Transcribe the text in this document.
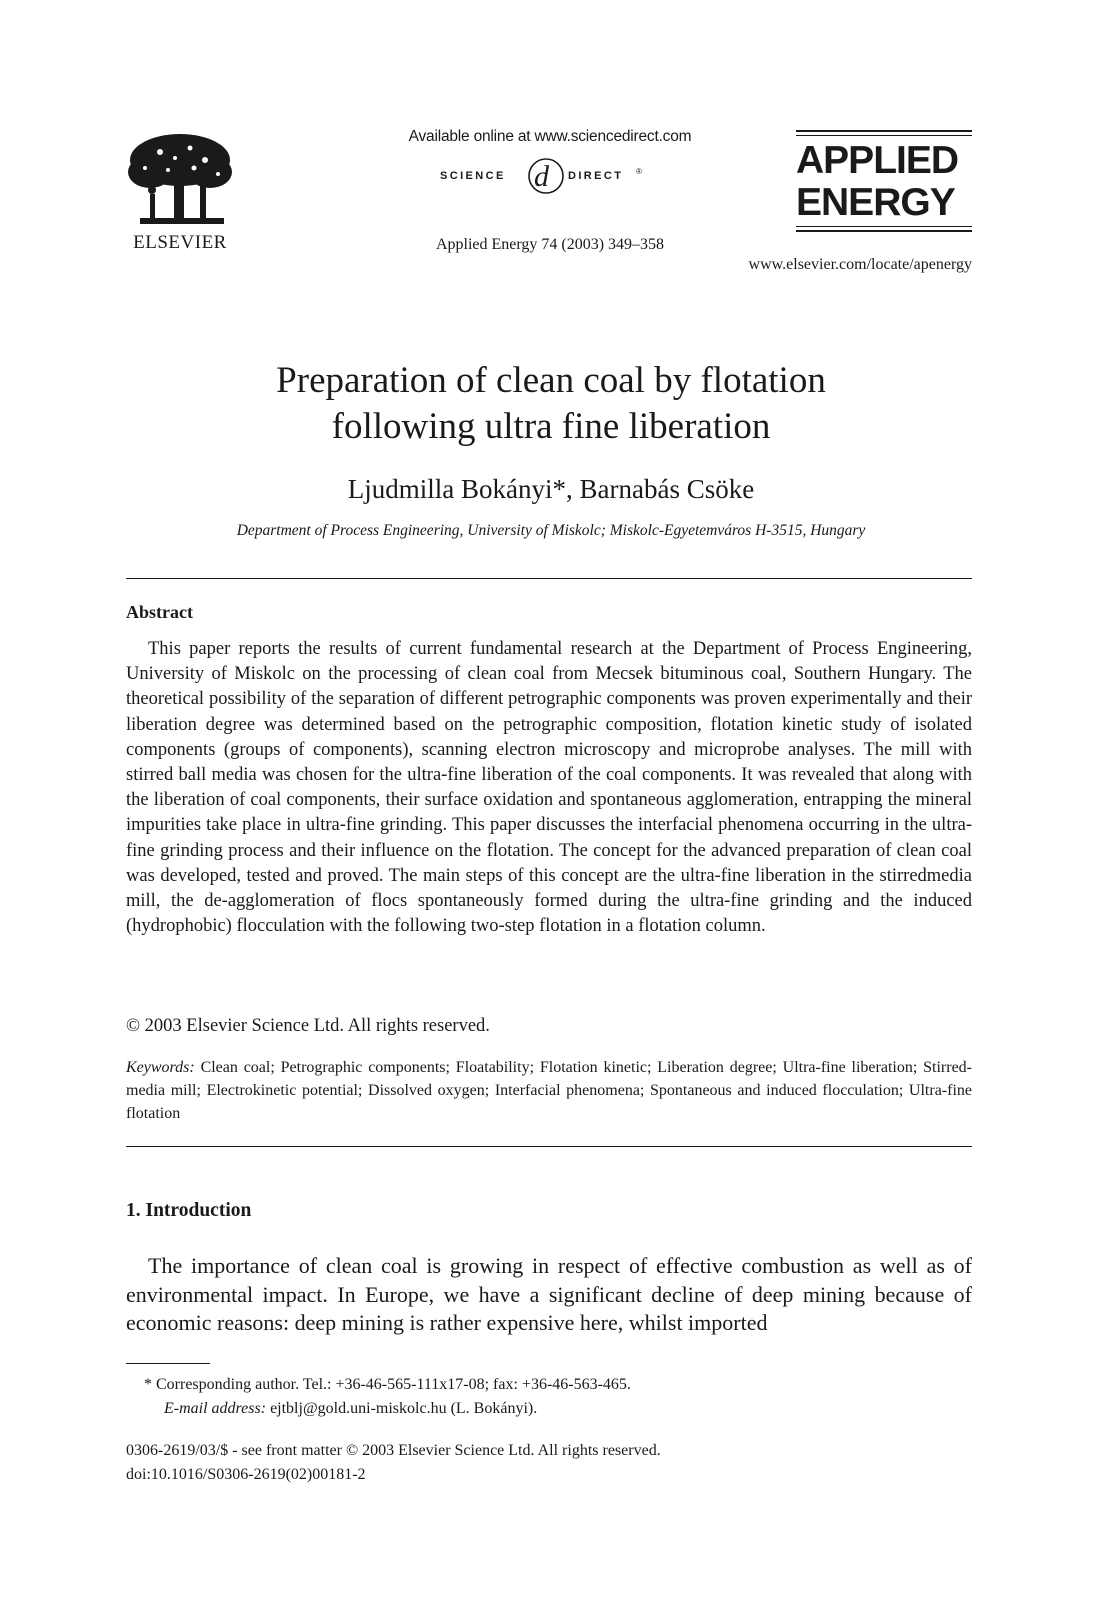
ELSEVIER
Available online at www.sciencedirect.com
SCIENCE d DIRECT ®
Applied Energy 74 (2003) 349–358
APPLIED
ENERGY
www.elsevier.com/locate/apenergy
Preparation of clean coal by flotation
following ultra fine liberation
Ljudmilla Bokányi*, Barnabás Csöke
Department of Process Engineering, University of Miskolc; Miskolc-Egyetemváros H-3515, Hungary
Abstract

This paper reports the results of current fundamental research at the Department of Process Engineering, University of Miskolc on the processing of clean coal from Mecsek bituminous coal, Southern Hungary. The theoretical possibility of the separation of different petrographic components was proven experimentally and their liberation degree was determined based on the petrographic composition, flotation kinetic study of isolated components (groups of components), scanning electron microscopy and microprobe analyses. The mill with stirred ball media was chosen for the ultra-fine liberation of the coal components. It was revealed that along with the liberation of coal components, their surface oxidation and spontaneous agglomeration, entrapping the mineral impurities take place in ultra-fine grinding. This paper discusses the interfacial phenomena occurring in the ultra-fine grinding process and their influence on the flotation. The concept for the advanced preparation of clean coal was developed, tested and proved. The main steps of this concept are the ultra-fine liberation in the stirredmedia mill, the de-agglomeration of flocs spontaneously formed during the ultra-fine grinding and the induced (hydrophobic) flocculation with the following two-step flotation in a flotation column.

© 2003 Elsevier Science Ltd. All rights reserved.

Keywords: Clean coal; Petrographic components; Floatability; Flotation kinetic; Liberation degree; Ultra-fine liberation; Stirred-media mill; Electrokinetic potential; Dissolved oxygen; Interfacial phenomena; Spontaneous and induced flocculation; Ultra-fine flotation

1. Introduction

The importance of clean coal is growing in respect of effective combustion as well as of environmental impact. In Europe, we have a significant decline of deep mining because of economic reasons: deep mining is rather expensive here, whilst imported

* Corresponding author. Tel.: +36-46-565-111x17-08; fax: +36-46-563-465.
E-mail address: ejtblj@gold.uni-miskolc.hu (L. Bokányi).
0306-2619/03/$ - see front matter © 2003 Elsevier Science Ltd. All rights reserved.
doi:10.1016/S0306-2619(02)00181-2
